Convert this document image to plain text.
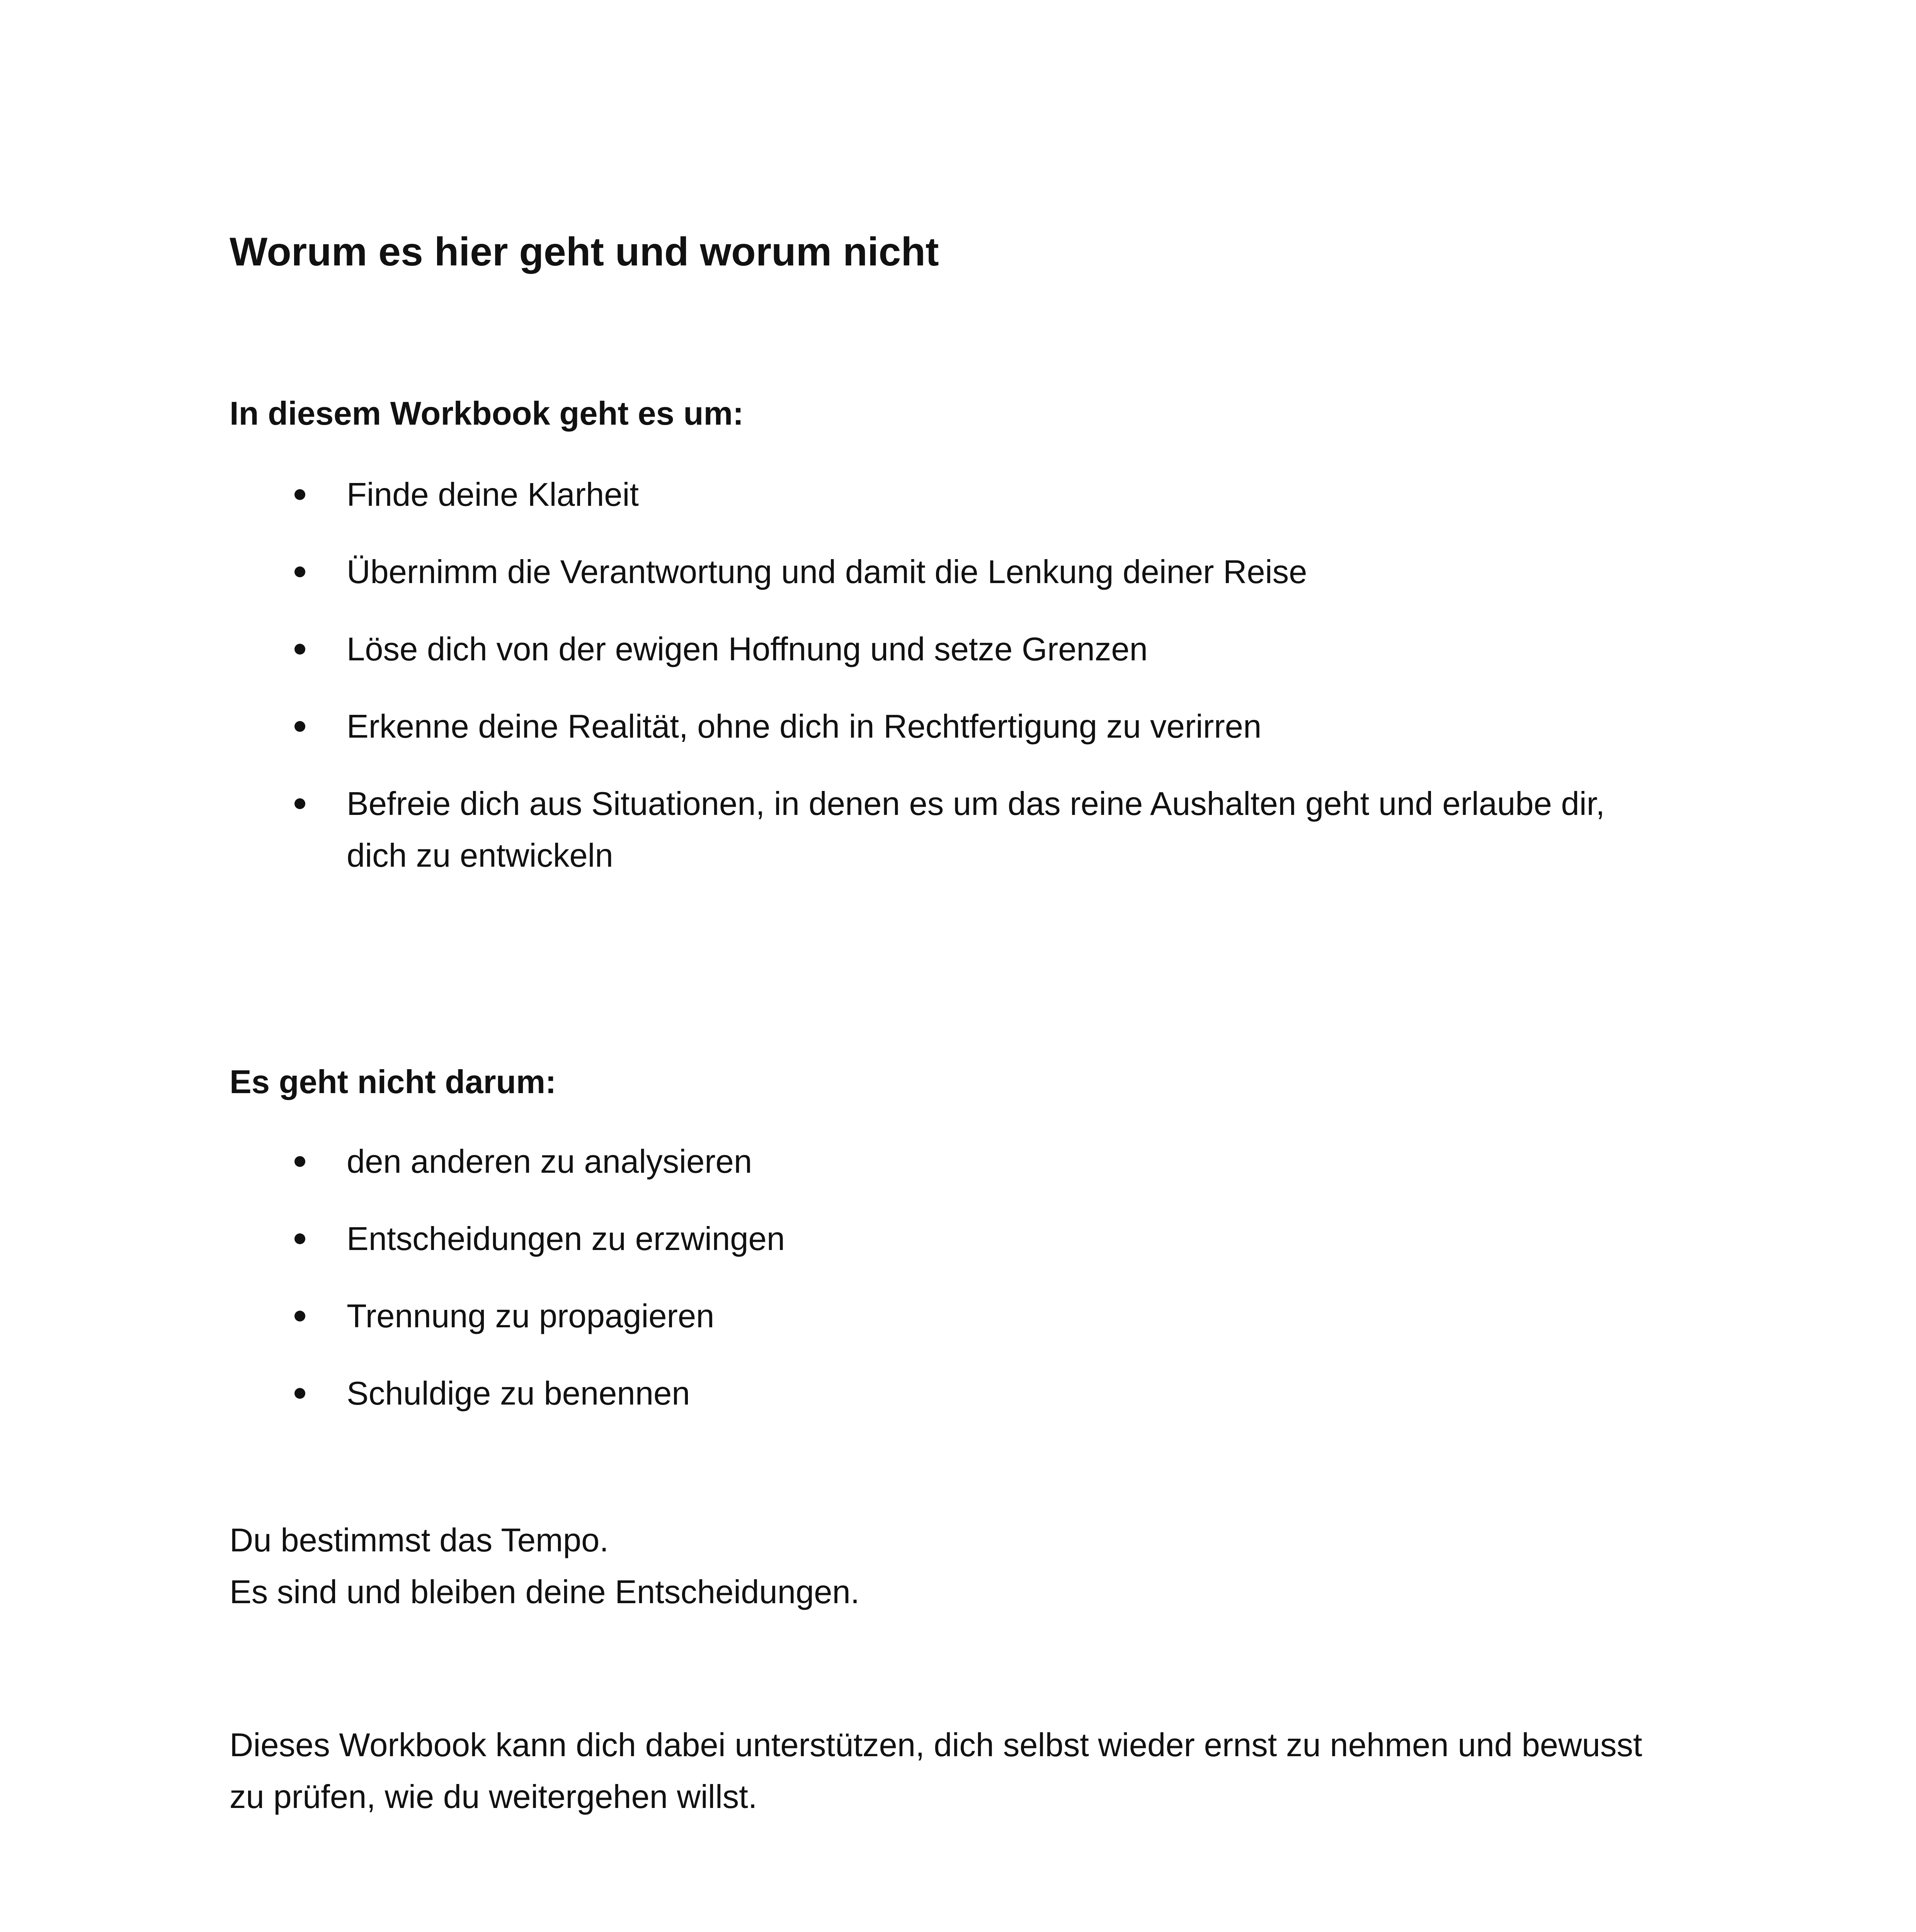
Worum es hier geht und worum nicht
In diesem Workbook geht es um:
Finde deine Klarheit
Übernimm die Verantwortung und damit die Lenkung deiner Reise
Löse dich von der ewigen Hoffnung und setze Grenzen
Erkenne deine Realität, ohne dich in Rechtfertigung zu verirren
Befreie dich aus Situationen, in denen es um das reine Aushalten geht und erlaube dir, dich zu entwickeln
Es geht nicht darum:
den anderen zu analysieren
Entscheidungen zu erzwingen
Trennung zu propagieren
Schuldige zu benennen
Du bestimmst das Tempo.
Es sind und bleiben deine Entscheidungen.

Dieses Workbook kann dich dabei unterstützen, dich selbst wieder ernst zu nehmen und bewusst zu prüfen, wie du weitergehen willst.
